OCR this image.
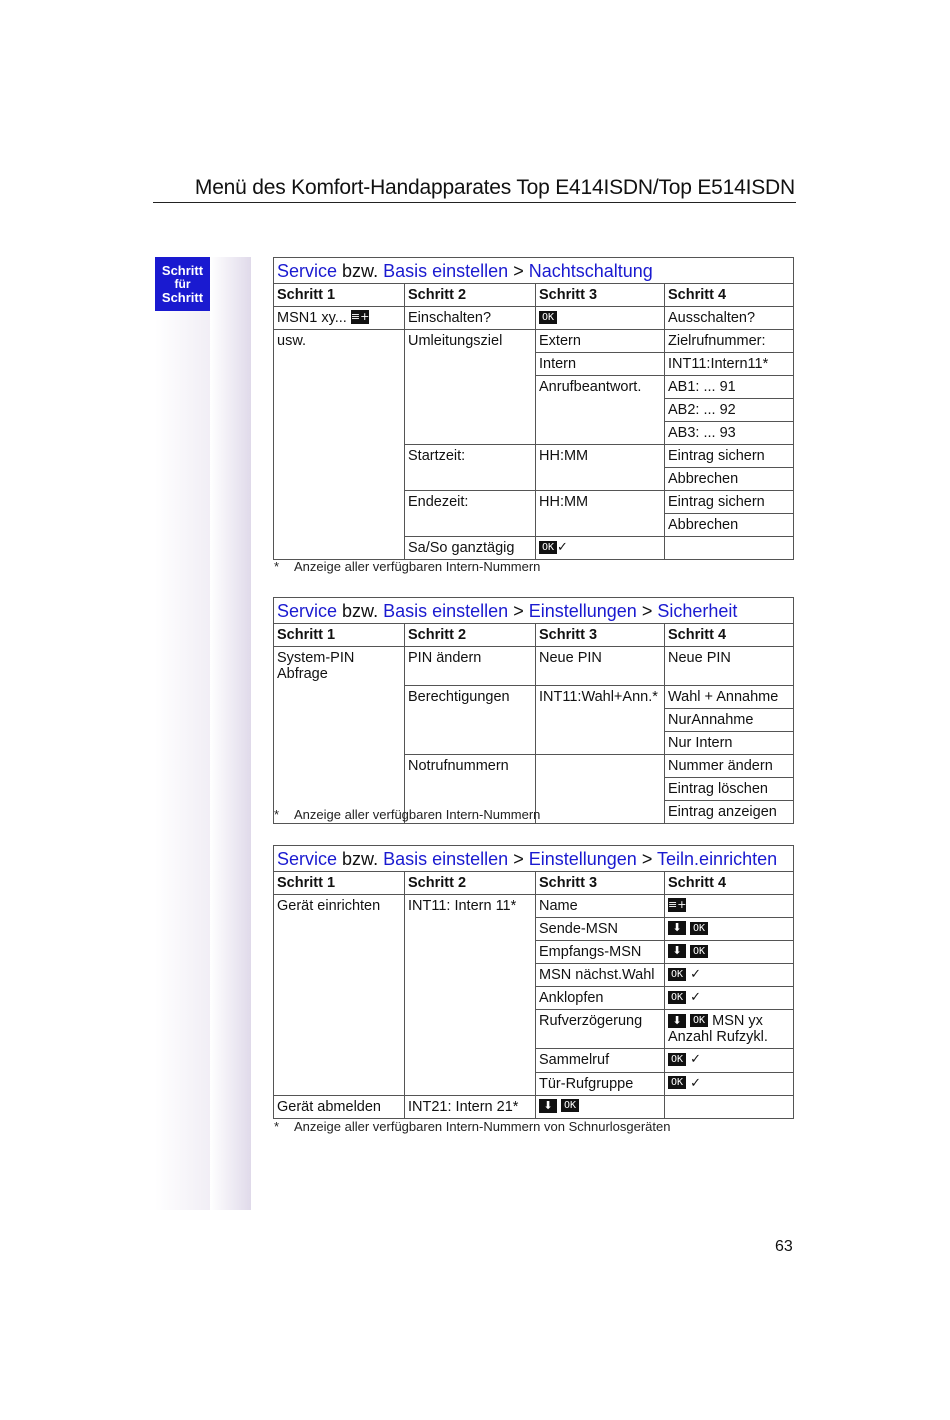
Menü des Komfort-Handapparates Top E414ISDN/Top E514ISDN
Schritt
für
Schritt
Service bzw. Basis einstellen > Nachtschaltung			
Schritt 1	Schritt 2	Schritt 3	Schritt 4
MSN1 xy... ≡+	Einschalten?	OK	Ausschalten?
usw.	Umleitungsziel	Extern	Zielrufnummer:
		Intern	INT11:Intern11*
		Anrufbeantwort.	AB1: ... 91
			AB2: ... 92
			AB3: ... 93
	Startzeit:	HH:MM	Eintrag sichern
			Abbrechen
	Endezeit:	HH:MM	Eintrag sichern
			Abbrechen
	Sa/So ganztägig	OK ✓	
* Anzeige aller verfügbaren Intern-Nummern
Service bzw. Basis einstellen > Einstellungen > Sicherheit			
Schritt 1	Schritt 2	Schritt 3	Schritt 4

System-PIN
Abfrage	PIN ändern	Neue PIN	Neue PIN
	Berechtigungen	INT11:Wahl+Ann.*	Wahl + Annahme
			NurAnnahme
			Nur Intern
	Notrufnummern		Nummer ändern
			Eintrag löschen
			Eintrag anzeigen
* Anzeige aller verfügbaren Intern-Nummern
Service bzw. Basis einstellen > Einstellungen > Teiln.einrichten			
Schritt 1	Schritt 2	Schritt 3	Schritt 4
Gerät einrichten	INT11: Intern 11*	Name	≡+
		Sende-MSN	⬇ OK
		Empfangs-MSN	⬇ OK
		MSN nächst.Wahl	OK ✓
		Anklopfen	OK ✓
		Rufverzögerung	⬇ OK MSN yx
Anzahl Rufzykl.

		Sammelruf	OK ✓
		Tür-Rufgruppe	OK ✓
Gerät abmelden	INT21: Intern 21*	⬇ OK	
* Anzeige aller verfügbaren Intern-Nummern von Schnurlosgeräten
63
